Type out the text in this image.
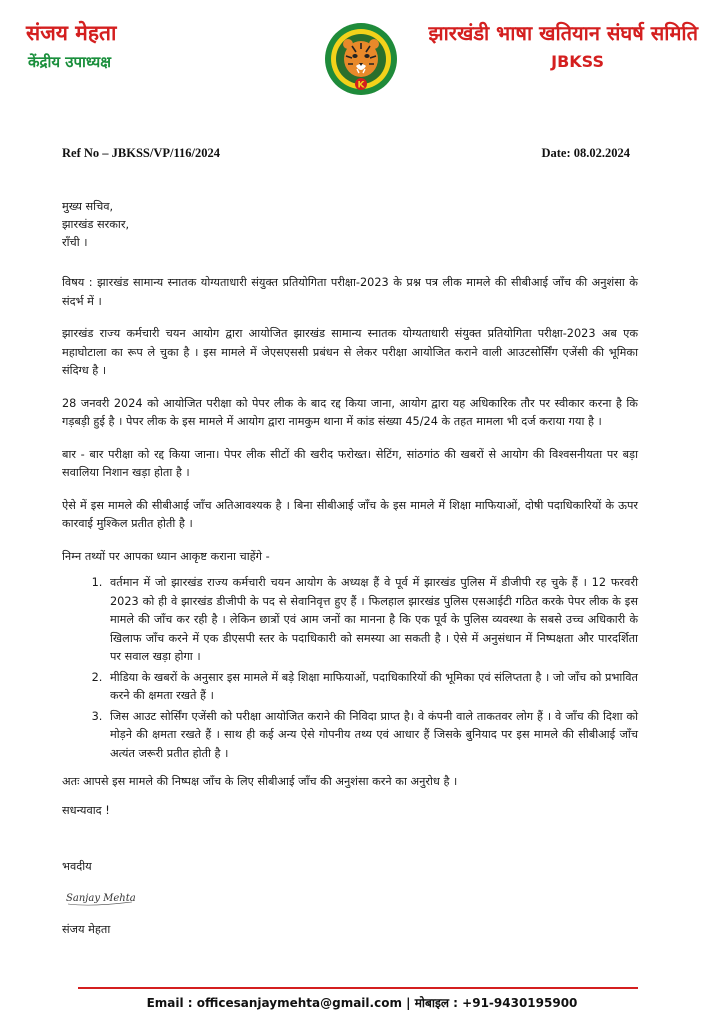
संजय मेहता
केंद्रीय उपाध्यक्ष
K
झारखंडी भाषा खतियान संघर्ष समिति
JBKSS
Ref No – JBKSS/VP/116/2024	Date: 08.02.2024
मुख्य सचिव,
झारखंड सरकार,
राँची ।

विषय : झारखंड सामान्य स्नातक योग्यताधारी संयुक्त प्रतियोगिता परीक्षा-2023 के प्रश्न पत्र लीक मामले की सीबीआई जाँच की अनुशंसा के संदर्भ में ।

झारखंड राज्य कर्मचारी चयन आयोग द्वारा आयोजित झारखंड सामान्य स्नातक योग्यताधारी संयुक्त प्रतियोगिता परीक्षा-2023 अब एक महाघोटाला का रूप ले चुका है । इस मामले में जेएसएससी प्रबंधन से लेकर परीक्षा आयोजित कराने वाली आउटसोर्सिंग एजेंसी की भूमिका संदिग्ध है ।

28 जनवरी 2024 को आयोजित परीक्षा को पेपर लीक के बाद रद्द किया जाना, आयोग द्वारा यह अधिकारिक तौर पर स्वीकार करना है कि गड़बड़ी हुई है । पेपर लीक के इस मामले में आयोग द्वारा नामकुम थाना में कांड संख्या 45/24 के तहत मामला भी दर्ज कराया गया है ।

बार - बार परीक्षा को रद्द किया जाना। पेपर लीक सीटों की खरीद फरोख्त। सेटिंग, सांठगांठ की खबरों से आयोग की विश्वसनीयता पर बड़ा सवालिया निशान खड़ा होता है ।

ऐसे में इस मामले की सीबीआई जाँच अतिआवश्यक है । बिना सीबीआई जाँच के इस मामले में शिक्षा माफियाओं, दोषी पदाधिकारियों के ऊपर कारवाई मुश्किल प्रतीत होती है ।

निम्न तथ्यों पर आपका ध्यान आकृष्ट कराना चाहेंगे -

1. वर्तमान में जो झारखंड राज्य कर्मचारी चयन आयोग के अध्यक्ष हैं वे पूर्व में झारखंड पुलिस में डीजीपी रह चुके हैं । 12 फरवरी 2023 को ही वे झारखंड डीजीपी के पद से सेवानिवृत्त हुए हैं । फिलहाल झारखंड पुलिस एसआईटी गठित करके पेपर लीक के इस मामले की जाँच कर रही है । लेकिन छात्रों एवं आम जनों का मानना है कि एक पूर्व के पुलिस व्यवस्था के सबसे उच्च अधिकारी के खिलाफ जाँच करने में एक डीएसपी स्तर के पदाधिकारी को समस्या आ सकती है । ऐसे में अनुसंधान में निष्पक्षता और पारदर्शिता पर सवाल खड़ा होगा ।
2. मीडिया के खबरों के अनुसार इस मामले में बड़े शिक्षा माफियाओं, पदाधिकारियों की भूमिका एवं संलिप्तता है । जो जाँच को प्रभावित करने की क्षमता रखते हैं ।
3. जिस आउट सोर्सिंग एजेंसी को परीक्षा आयोजित कराने की निविदा प्राप्त है। वे कंपनी वाले ताकतवर लोग हैं । वे जाँच की दिशा को मोड़ने की क्षमता रखते हैं । साथ ही कई अन्य ऐसे गोपनीय तथ्य एवं आधार हैं जिसके बुनियाद पर इस मामले की सीबीआई जाँच अत्यंत जरूरी प्रतीत होती है ।

अतः आपसे इस मामले की निष्पक्ष जाँच के लिए सीबीआई जाँच की अनुशंसा करने का अनुरोध है ।

सधन्यवाद !

भवदीय
Sanjay Mehta
संजय मेहता
Email : officesanjaymehta@gmail.com | मोबाइल : +91-9430195900
